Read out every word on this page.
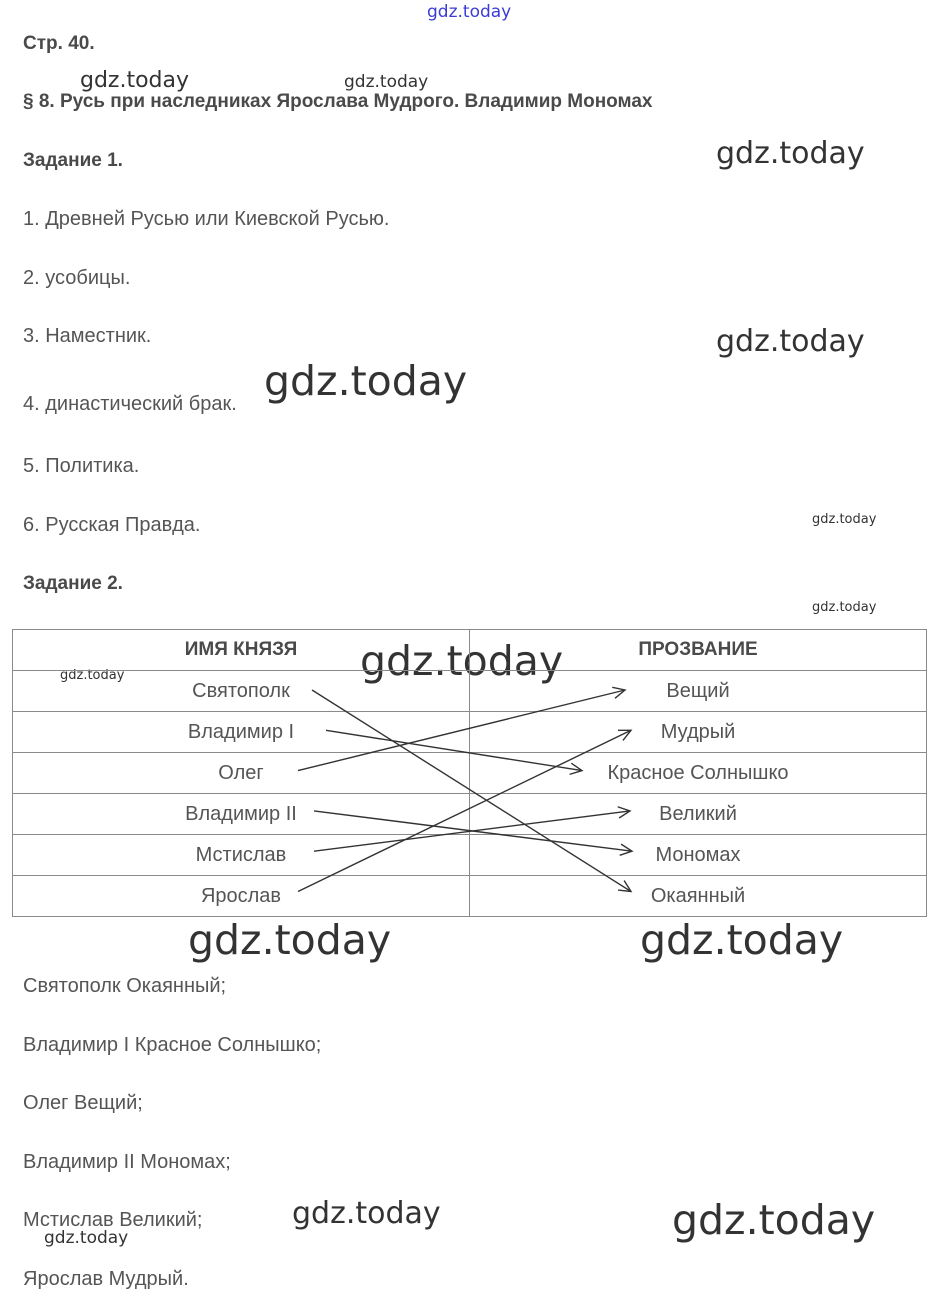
gdz.today
gdz.today	gdz.today
gdz.today
gdz.today
gdz.today
gdz.today
gdz.today
gdz.today	gdz.today
gdz.today	gdz.today
gdz.today
gdz.today	gdz.today
Стр. 40.
§ 8. Русь при наследниках Ярослава Мудрого. Владимир Мономах
Задание 1.
1. Древней Русью или Киевской Русью.
2. усобицы.
3. Наместник.
4. династический брак.
5. Политика.
6. Русская Правда.
Задание 2.
ИМЯ КНЯЗЯ	ПРОЗВАНИЕ
Святополк	Вещий
Владимир I	Мудрый
Олег	Красное Солнышко
Владимир II	Великий
Мстислав	Мономах
Ярослав	Окаянный
Святополк Окаянный;
Владимир I Красное Солнышко;
Олег Вещий;
Владимир II Мономах;
Мстислав Великий;
Ярослав Мудрый.
